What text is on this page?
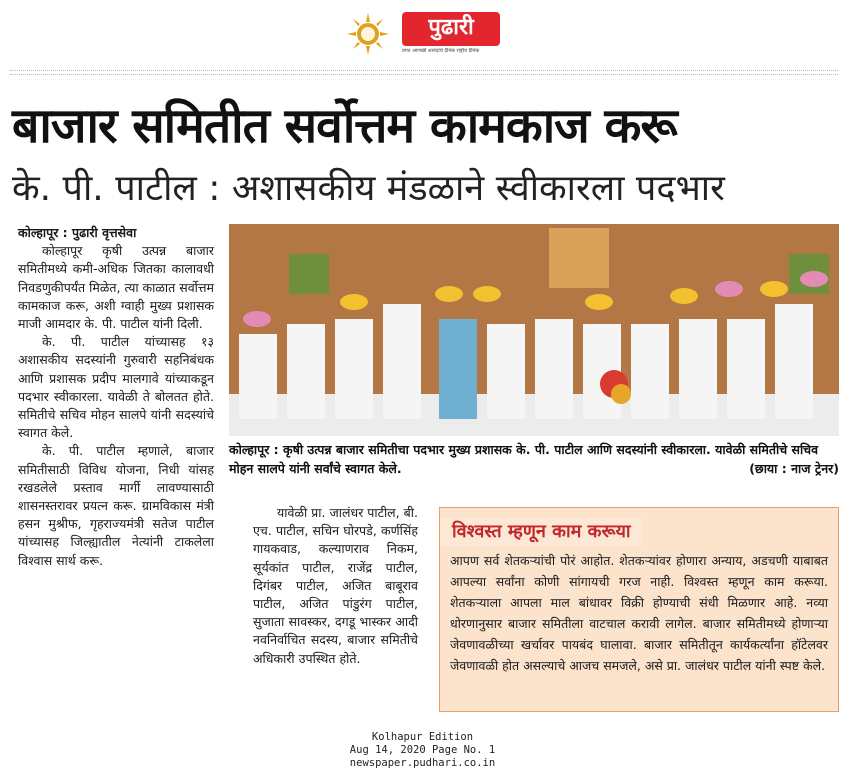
पुढारी
प्रगत आणखी आनंदांचे दैनिक राष्ट्रीय दैनिक
बाजार समितीत सर्वोत्तम कामकाज करू
के. पी. पाटील : अशासकीय मंडळाने स्वीकारला पदभार

कोल्हापूर : पुढारी वृत्तसेवा

कोल्हापूर कृषी उत्पन्न बाजार समितीमध्ये कमी-अधिक जितका कालावधी निवडणुकीपर्यंत मिळेत, त्या काळात सर्वोत्तम कामकाज करू, अशी ग्वाही मुख्य प्रशासक माजी आमदार के. पी. पाटील यांनी दिली.

के. पी. पाटील यांच्यासह १३ अशासकीय सदस्यांनी गुरुवारी सहनिबंधक आणि प्रशासक प्रदीप मालगावे यांच्याकडून पदभार स्वीकारला. यावेळी ते बोलतत होते. समितीचे सचिव मोहन सालपे यांनी सदस्यांचे स्वागत केले.

के. पी. पाटील म्हणाले, बाजार समितीसाठी विविध योजना, निधी यांसह रखडलेले प्रस्ताव मार्गी लावण्यासाठी शासनस्तरावर प्रयत्न करू. ग्रामविकास मंत्री हसन मुश्रीफ, गृहराज्यमंत्री सतेज पाटील यांच्यासह जिल्ह्यातील नेत्यांनी टाकलेला विश्वास सार्थ करू.

कोल्हापूर : कृषी उत्पन्न बाजार समितीचा पदभार मुख्य प्रशासक के. पी. पाटील आणि सदस्यांनी स्वीकारला. यावेळी समितीचे सचिव मोहन सालपे यांनी सर्वांचे स्वागत केले.	(छाया : नाज ट्रेनर)

यावेळी प्रा. जालंधर पाटील, बी. एच. पाटील, सचिन घोरपडे, कर्णसिंह गायकवाड, कल्याणराव निकम, सूर्यकांत पाटील, राजेंद्र पाटील, दिगंबर पाटील, अजित बाबूराव पाटील, अजित पांडुरंग पाटील, सुजाता सावस्कर, दगडू भास्कर आदी नवनिर्वाचित सदस्य, बाजार समितीचे अधिकारी उपस्थित होते.

विश्वस्त म्हणून काम करूया
आपण सर्व शेतकऱ्यांची पोरं आहोत. शेतकऱ्यांवर होणारा अन्याय, अडचणी याबाबत आपल्या सर्वांना कोणी सांगायची गरज नाही. विश्वस्त म्हणून काम करूया. शेतकऱ्याला आपला माल बांधावर विक्री होण्याची संधी मिळणार आहे. नव्या धोरणानुसार बाजार समितीला वाटचाल करावी लागेल. बाजार समितीमध्ये होणाऱ्या जेवणावळीच्या खर्चावर पायबंद घालावा. बाजार समितीतून कार्यकर्त्यांना हॉटेलवर जेवणावळी होत असल्याचे आजच समजले, असे प्रा. जालंधर पाटील यांनी स्पष्ट केले.
Kolhapur Edition
Aug 14, 2020 Page No. 1
newspaper.pudhari.co.in
